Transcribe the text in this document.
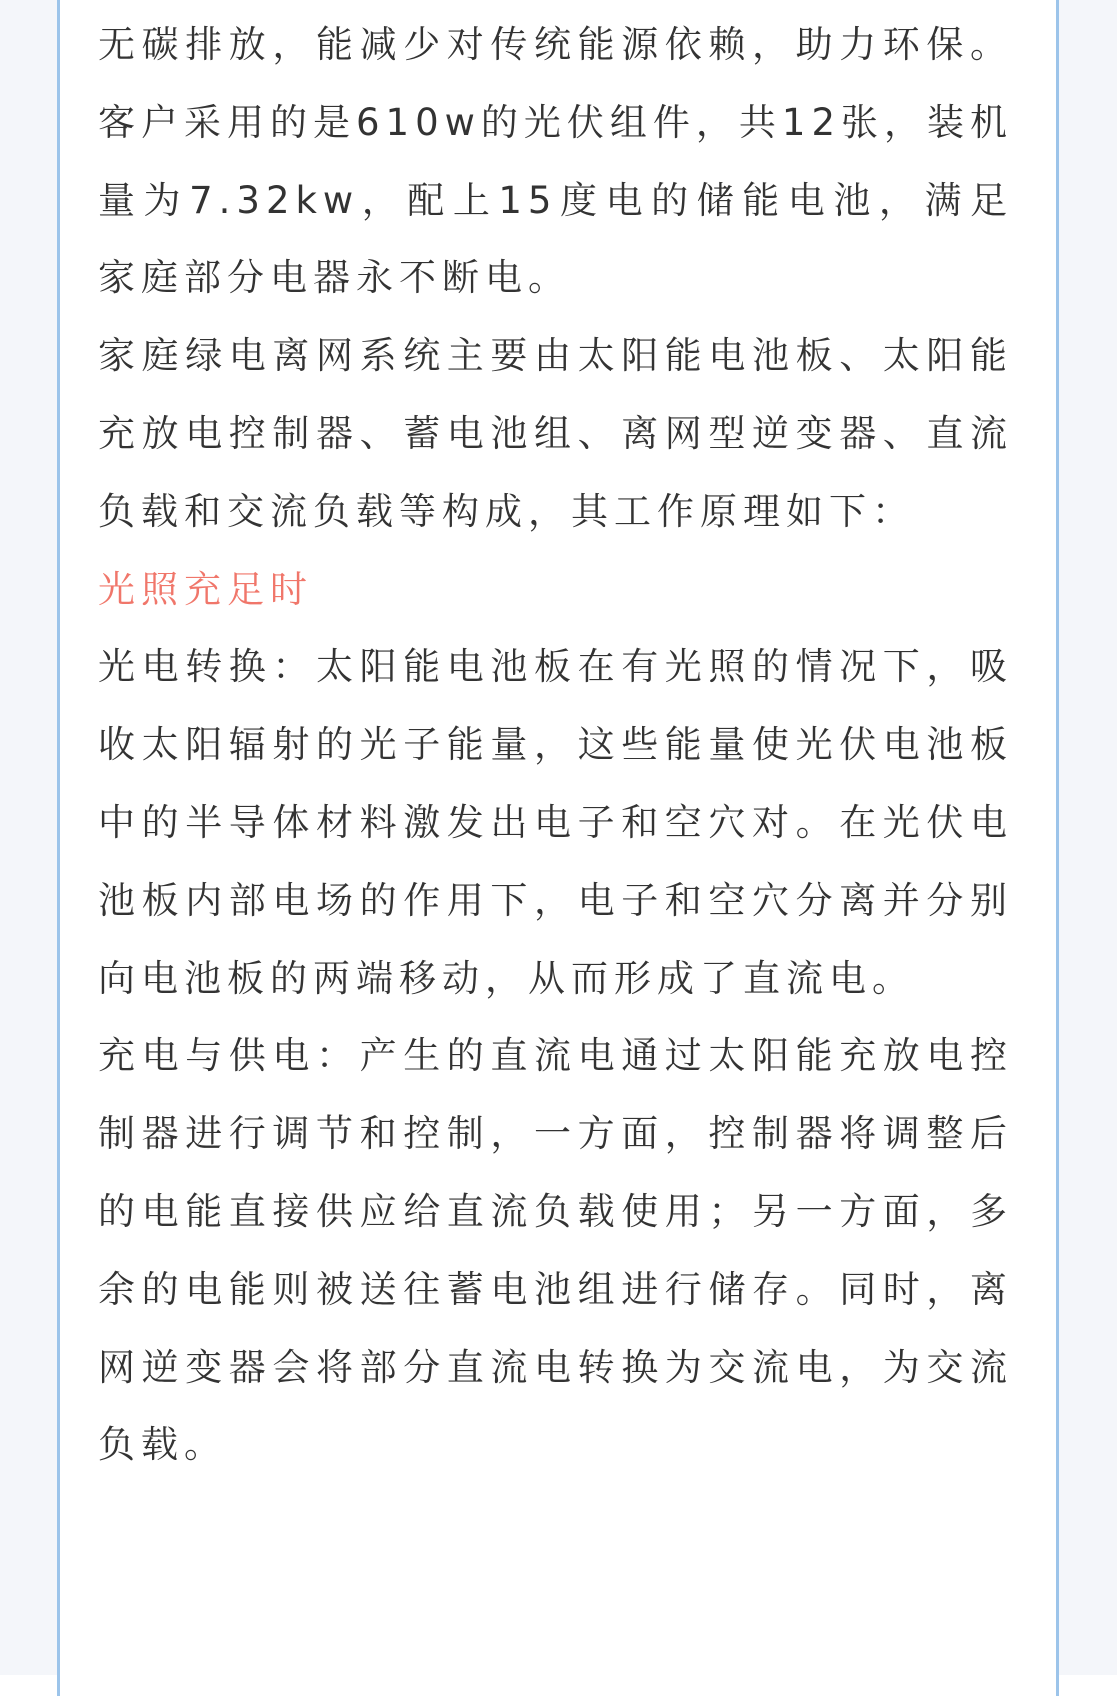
无碳排放，能减少对传统能源依赖，助力环保。客户采用的是610w的光伏组件，共12张，装机量为7.32kw，配上15度电的储能电池，满足家庭部分电器永不断电。

家庭绿电离网系统主要由太阳能电池板、太阳能充放电控制器、蓄电池组、离网型逆变器、直流负载和交流负载等构成，其工作原理如下：

光照充足时

光电转换：太阳能电池板在有光照的情况下，吸收太阳辐射的光子能量，这些能量使光伏电池板中的半导体材料激发出电子和空穴对。在光伏电池板内部电场的作用下，电子和空穴分离并分别向电池板的两端移动，从而形成了直流电。

充电与供电：产生的直流电通过太阳能充放电控制器进行调节和控制，一方面，控制器将调整后的电能直接供应给直流负载使用；另一方面，多余的电能则被送往蓄电池组进行储存。同时，离网逆变器会将部分直流电转换为交流电，为交流负载。
